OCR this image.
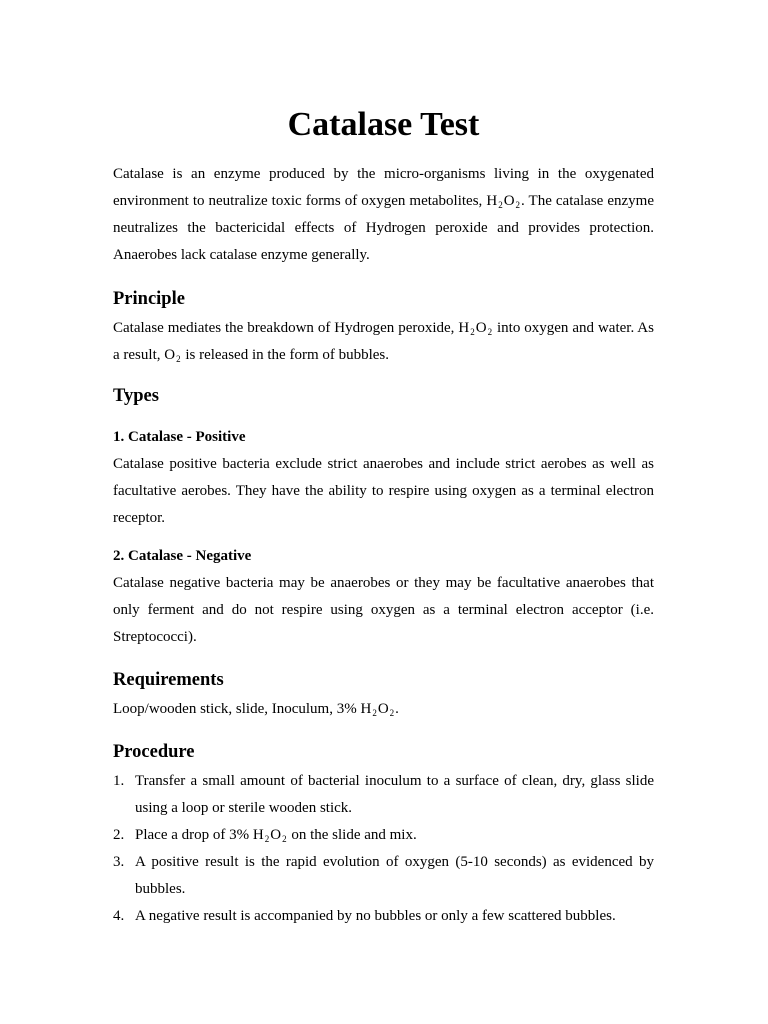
Catalase Test

Catalase is an enzyme produced by the micro-organisms living in the oxygenated environment to neutralize toxic forms of oxygen metabolites, $H_2O_2$. The catalase enzyme neutralizes the bactericidal effects of Hydrogen peroxide and provides protection. Anaerobes lack catalase enzyme generally.

Principle

Catalase mediates the breakdown of Hydrogen peroxide, $H_2O_2$ into oxygen and water. As a result, $O_2$ is released in the form of bubbles.

Types
1. Catalase - Positive

Catalase positive bacteria exclude strict anaerobes and include strict aerobes as well as facultative aerobes. They have the ability to respire using oxygen as a terminal electron receptor.

2. Catalase - Negative

Catalase negative bacteria may be anaerobes or they may be facultative anaerobes that only ferment and do not respire using oxygen as a terminal electron acceptor (i.e. Streptococci).

Requirements

Loop/wooden stick, slide, Inoculum, 3% $H_2O_2$.

Procedure
1. Transfer a small amount of bacterial inoculum to a surface of clean, dry, glass slide using a loop or sterile wooden stick.
2. Place a drop of 3% $H_2O_2$ on the slide and mix.
3. A positive result is the rapid evolution of oxygen (5-10 seconds) as evidenced by bubbles.
4. A negative result is accompanied by no bubbles or only a few scattered bubbles.
